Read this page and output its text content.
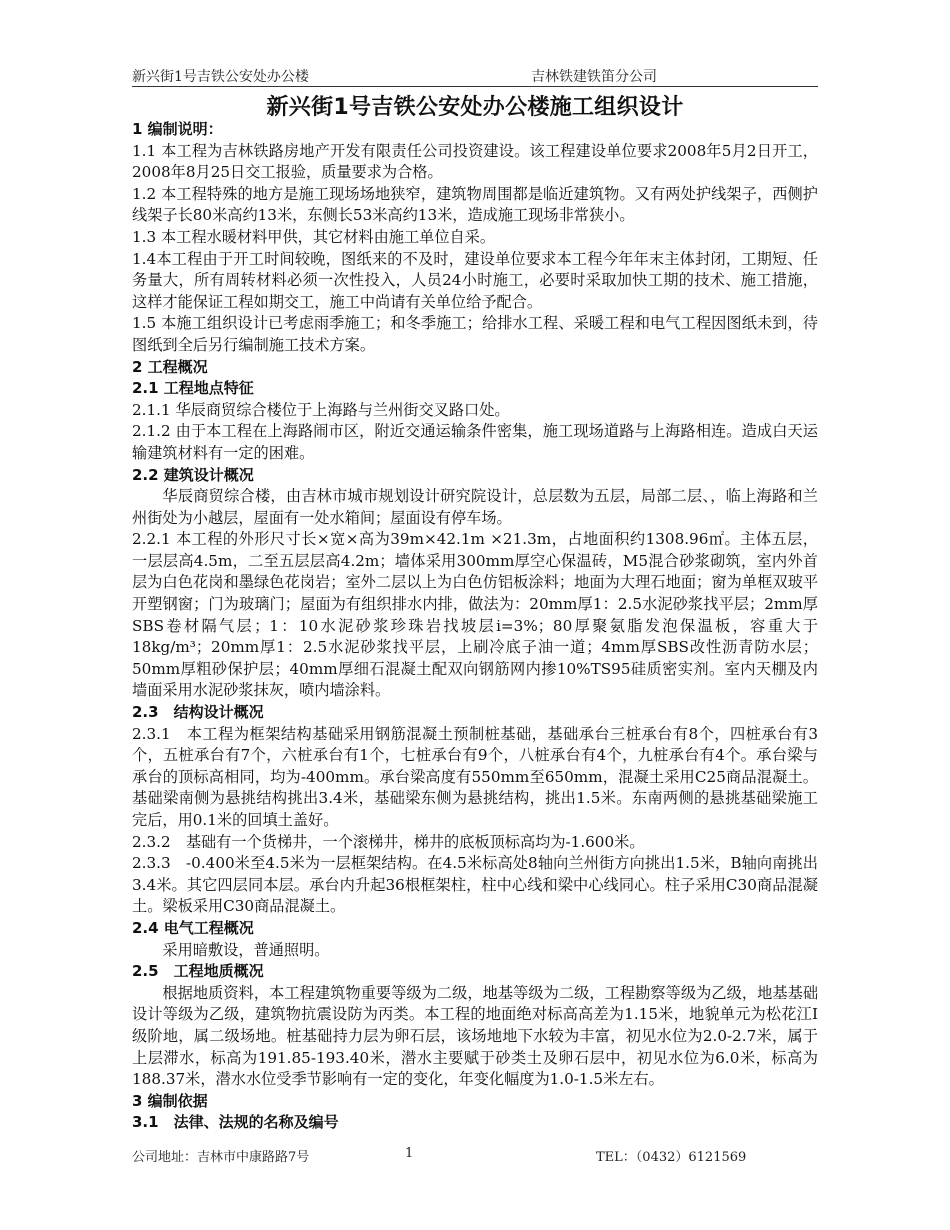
新兴街1号吉铁公安处办公楼	吉林铁建铁笛分公司
新兴街1号吉铁公安处办公楼施工组织设计

1 编制说明：

1.1 本工程为吉林铁路房地产开发有限责任公司投资建设。该工程建设单位要求2008年5月2日开工，2008年8月25日交工报验，质量要求为合格。

1.2 本工程特殊的地方是施工现场场地狭窄，建筑物周围都是临近建筑物。又有两处护线架子，西侧护线架子长80米高约13米，东侧长53米高约13米，造成施工现场非常狭小。

1.3 本工程水暖材料甲供，其它材料由施工单位自采。

1.4本工程由于开工时间较晚，图纸来的不及时，建设单位要求本工程今年年末主体封闭，工期短、任务量大，所有周转材料必须一次性投入，人员24小时施工，必要时采取加快工期的技术、施工措施，这样才能保证工程如期交工，施工中尚请有关单位给予配合。

1.5 本施工组织设计已考虑雨季施工；和冬季施工；给排水工程、采暖工程和电气工程因图纸未到，待图纸到全后另行编制施工技术方案。

2 工程概况

2.1 工程地点特征

2.1.1 华辰商贸综合楼位于上海路与兰州街交叉路口处。

2.1.2 由于本工程在上海路闹市区，附近交通运输条件密集，施工现场道路与上海路相连。造成白天运输建筑材料有一定的困难。

2.2 建筑设计概况

华辰商贸综合楼，由吉林市城市规划设计研究院设计，总层数为五层，局部二层、，临上海路和兰州街处为小越层，屋面有一处水箱间；屋面设有停车场。

2.2.1 本工程的外形尺寸长×宽×高为39m×42.1m ×21.3m，占地面积约1308.96㎡。主体五层，一层层高4.5m，二至五层层高4.2m；墙体采用300mm厚空心保温砖，M5混合砂浆砌筑，室内外首层为白色花岗和墨绿色花岗岩；室外二层以上为白色仿铝板涂料；地面为大理石地面；窗为单框双玻平开塑钢窗；门为玻璃门；屋面为有组织排水内排，做法为：20mm厚1：2.5水泥砂浆找平层；2mm厚SBS卷材隔气层；1：10水泥砂浆珍珠岩找坡层i=3%；80厚聚氨脂发泡保温板，容重大于18kg/m³；20mm厚1：2.5水泥砂浆找平层，上刷冷底子油一道；4mm厚SBS改性沥青防水层；50mm厚粗砂保护层；40mm厚细石混凝土配双向钢筋网内掺10%TS95硅质密实剂。室内天棚及内墙面采用水泥砂浆抹灰，喷内墙涂料。

2.3　结构设计概况

2.3.1　本工程为框架结构基础采用钢筋混凝土预制桩基础，基础承台三桩承台有8个，四桩承台有3个，五桩承台有7个，六桩承台有1个，七桩承台有9个，八桩承台有4个，九桩承台有4个。承台梁与承台的顶标高相同，均为-400mm。承台梁高度有550mm至650mm，混凝土采用C25商品混凝土。基础梁南侧为悬挑结构挑出3.4米，基础梁东侧为悬挑结构，挑出1.5米。东南两侧的悬挑基础梁施工完后，用0.1米的回填土盖好。

2.3.2　基础有一个货梯井，一个滚梯井，梯井的底板顶标高均为-1.600米。

2.3.3　-0.400米至4.5米为一层框架结构。在4.5米标高处8轴向兰州街方向挑出1.5米，B轴向南挑出3.4米。其它四层同本层。承台内升起36根框架柱，柱中心线和梁中心线同心。柱子采用C30商品混凝土。梁板采用C30商品混凝土。

2.4 电气工程概况

采用暗敷设，普通照明。

2.5　工程地质概况

根据地质资料，本工程建筑物重要等级为二级，地基等级为二级，工程勘察等级为乙级，地基基础设计等级为乙级，建筑物抗震设防为丙类。本工程的地面绝对标高高差为1.15米，地貌单元为松花江Ⅰ级阶地，属二级场地。桩基础持力层为卵石层，该场地地下水较为丰富，初见水位为2.0-2.7米，属于上层滞水，标高为191.85-193.40米，潜水主要赋于砂类土及卵石层中，初见水位为6.0米，标高为188.37米，潜水水位受季节影响有一定的变化，年变化幅度为1.0-1.5米左右。

3 编制依据

3.1　法律、法规的名称及编号

公司地址：吉林市中康路路7号	1	TEL：（0432）6121569
